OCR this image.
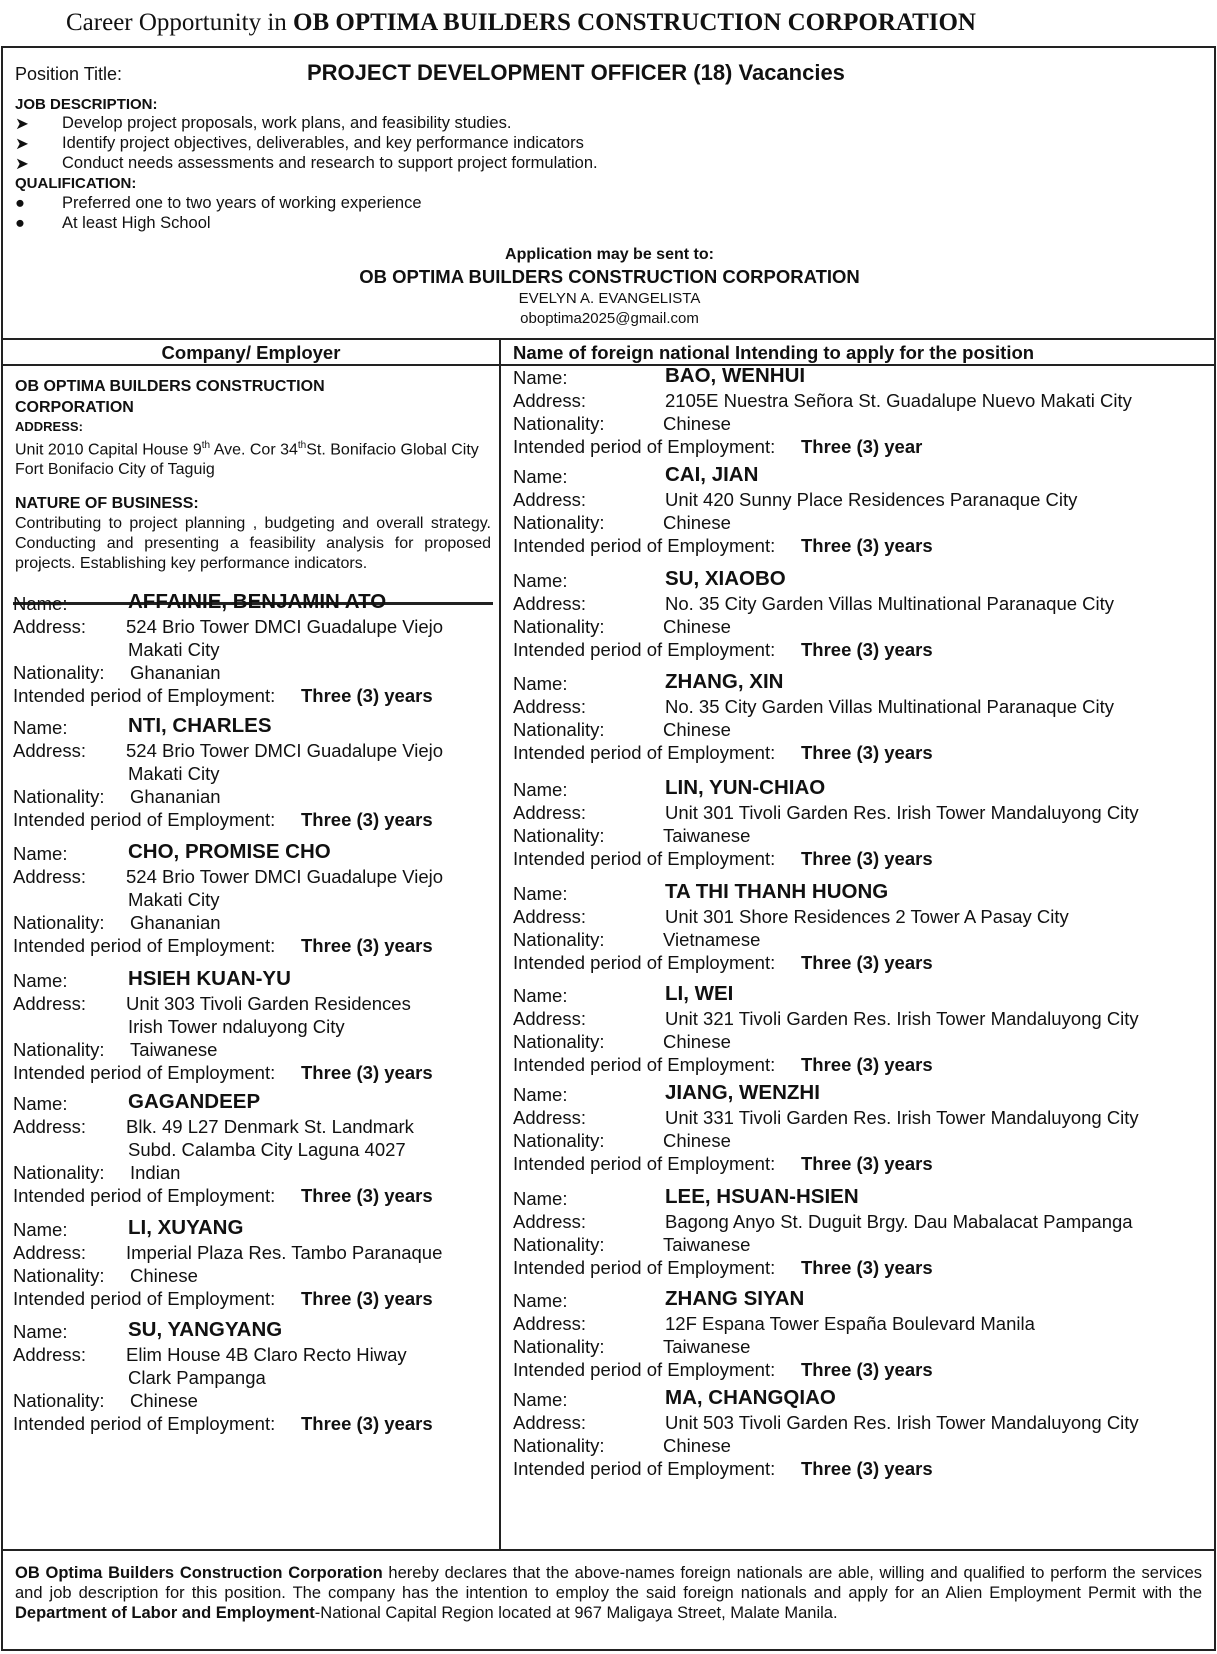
Career Opportunity in
OB OPTIMA BUILDERS CONSTRUCTION CORPORATION
Position Title:	PROJECT DEVELOPMENT OFFICER (18) Vacancies
JOB DESCRIPTION:
➤	Develop project proposals, work plans, and feasibility studies.
➤	Identify project objectives, deliverables, and key performance indicators
➤	Conduct needs assessments and research to support project formulation.
QUALIFICATION:
●	Preferred one to two years of working experience
●	At least High School
Application may be sent to:
OB OPTIMA BUILDERS CONSTRUCTION CORPORATION
EVELYN A. EVANGELISTA
oboptima2025@gmail.com
Company/ Employer	Name of foreign national Intending to apply for the position
OB OPTIMA BUILDERS CONSTRUCTION
CORPORATION
ADDRESS:
Unit 2010 Capital House 9th Ave. Cor 34thSt. Bonifacio Global City Fort Bonifacio City of Taguig
NATURE OF BUSINESS:
Contributing to project planning , budgeting and overall strategy. Conducting and presenting a feasibility analysis for proposed projects. Establishing key performance indicators.
Name:	AFFAINIE, BENJAMIN ATO
Address: 524 Brio Tower DMCI Guadalupe Viejo
Makati City
Nationality: Ghananian
Intended period of Employment: Three (3) years
Name:	NTI, CHARLES
Address: 524 Brio Tower DMCI Guadalupe Viejo
Makati City
Nationality: Ghananian
Intended period of Employment: Three (3) years
Name:	CHO, PROMISE CHO
Address: 524 Brio Tower DMCI Guadalupe Viejo
Makati City
Nationality: Ghananian
Intended period of Employment: Three (3) years
Name:	HSIEH KUAN-YU
Address: Unit 303 Tivoli Garden Residences
Irish Tower ndaluyong City
Nationality: Taiwanese
Intended period of Employment: Three (3) years
Name:	GAGANDEEP
Address: Blk. 49 L27 Denmark St. Landmark
Subd. Calamba City Laguna 4027
Nationality: Indian
Intended period of Employment: Three (3) years
Name:	LI, XUYANG
Address: Imperial Plaza Res. Tambo Paranaque
Nationality: Chinese
Intended period of Employment: Three (3) years
Name:	SU, YANGYANG
Address: Elim House 4B Claro Recto Hiway
Clark Pampanga
Nationality: Chinese
Intended period of Employment: Three (3) years
Name:	BAO, WENHUI
Address:	2105E Nuestra Señora St. Guadalupe Nuevo Makati City
Nationality:	Chinese
Intended period of Employment: Three (3) year
Name:	CAI, JIAN
Address:	Unit 420 Sunny Place Residences Paranaque City
Nationality:	Chinese
Intended period of Employment: Three (3) years
Name:	SU, XIAOBO
Address:	No. 35 City Garden Villas Multinational Paranaque City
Nationality:	Chinese
Intended period of Employment: Three (3) years
Name:	ZHANG, XIN
Address:	No. 35 City Garden Villas Multinational Paranaque City
Nationality:	Chinese
Intended period of Employment: Three (3) years
Name:	LIN, YUN-CHIAO
Address:	Unit 301 Tivoli Garden Res. Irish Tower Mandaluyong City
Nationality:	Taiwanese
Intended period of Employment: Three (3) years
Name:	TA THI THANH HUONG
Address:	Unit 301 Shore Residences 2 Tower A Pasay City
Nationality:	Vietnamese
Intended period of Employment: Three (3) years
Name:	LI, WEI
Address:	Unit 321 Tivoli Garden Res. Irish Tower Mandaluyong City
Nationality:	Chinese
Intended period of Employment: Three (3) years
Name:	JIANG, WENZHI
Address:	Unit 331 Tivoli Garden Res. Irish Tower Mandaluyong City
Nationality:	Chinese
Intended period of Employment: Three (3) years
Name:	LEE, HSUAN-HSIEN
Address:	Bagong Anyo St. Duguit Brgy. Dau Mabalacat Pampanga
Nationality:	Taiwanese
Intended period of Employment: Three (3) years
Name:	ZHANG SIYAN
Address:	12F Espana Tower España Boulevard Manila
Nationality:	Taiwanese
Intended period of Employment: Three (3) years
Name:	MA, CHANGQIAO
Address:	Unit 503 Tivoli Garden Res. Irish Tower Mandaluyong City
Nationality:	Chinese
Intended period of Employment: Three (3) years
OB Optima Builders Construction Corporation hereby declares that the above-names foreign nationals are able, willing and qualified to perform the services and job description for this position. The company has the intention to employ the said foreign nationals and apply for an Alien Employment Permit with the Department of Labor and Employment-National Capital Region located at 967 Maligaya Street, Malate Manila.
